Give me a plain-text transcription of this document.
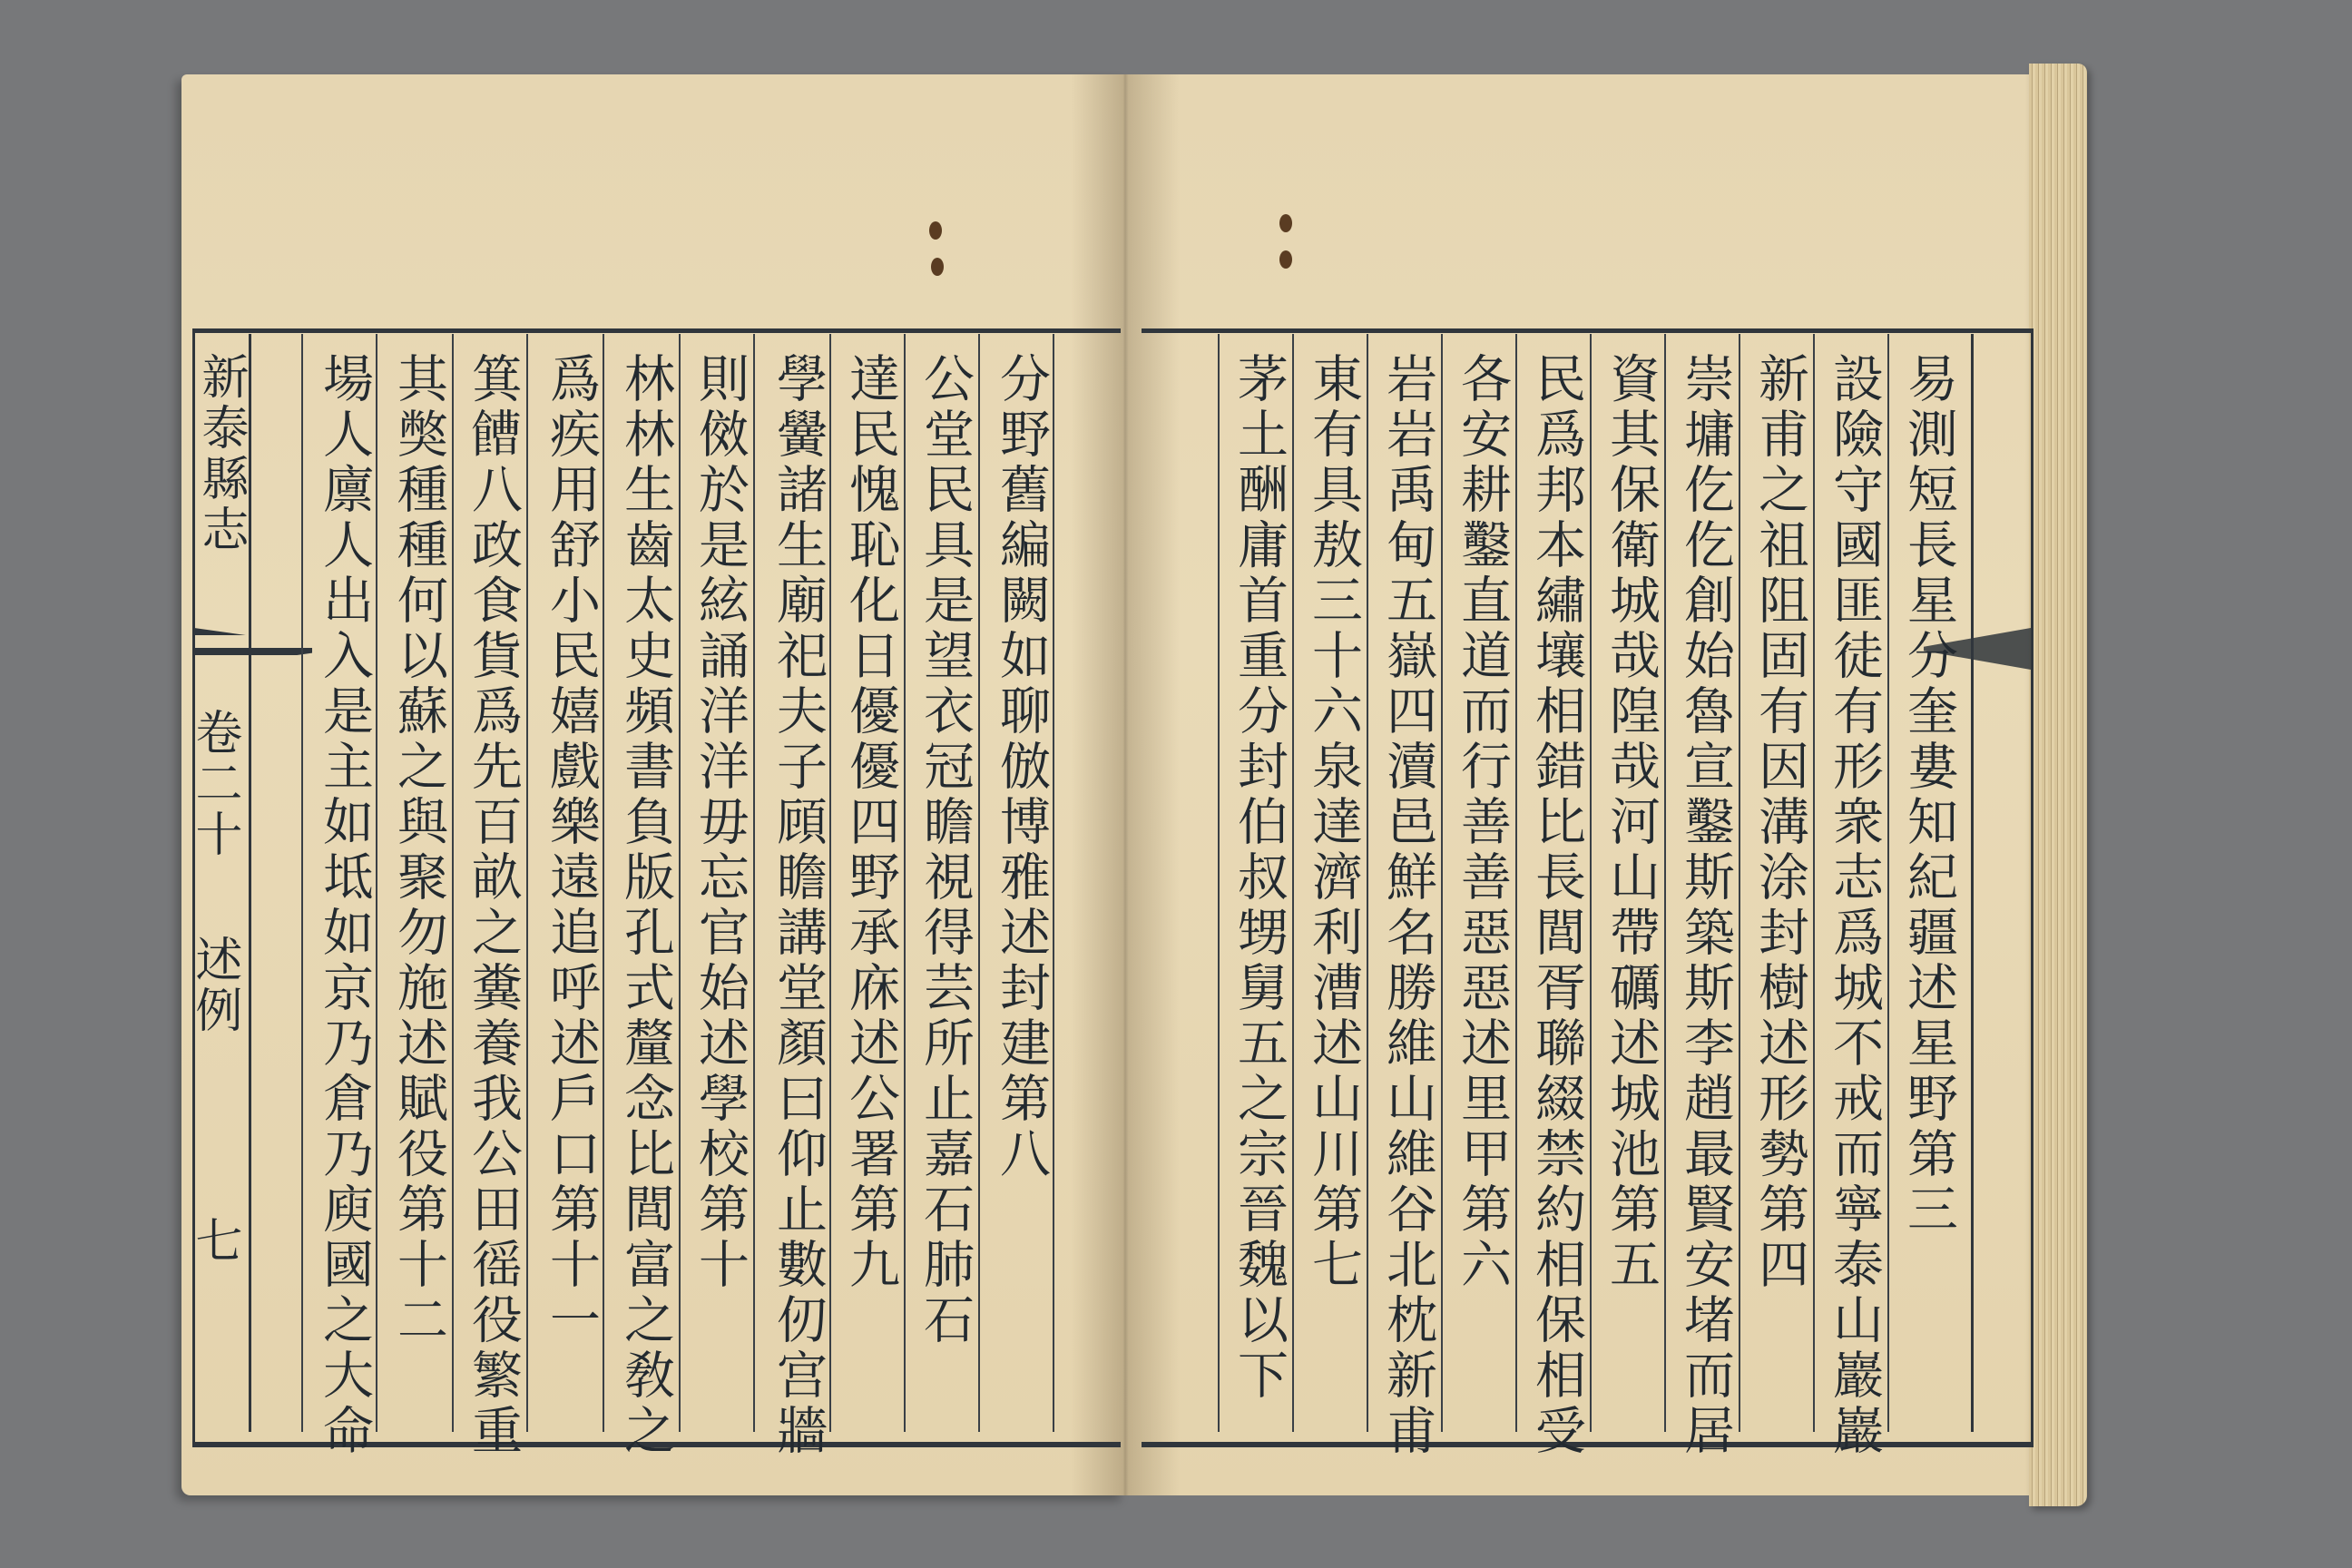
新泰縣志
卷二十
述例
七
分野舊編闕如聊倣博雅述封建第八
公堂民具是望衣冠瞻視得芸所止嘉石肺石
達民愧恥化日優優四野承庥述公署第九
學黌諸生廟祀夫子頋瞻講堂顏曰仰止數仞宫牆
則傚於是絃誦洋洋毋忘官始述學校第十
林林生齒太史頻書負版孔式釐念比閭富之敎之
爲疾用舒小民嬉戲樂遠追呼述戶口第十一
箕𩞄八政食貨爲先百畝之糞養我公田徭役繁重
其獘種種何以蘇之與聚勿施述賦役第十二
場人廪人出入是主如坻如京乃倉乃庾國之大命	易測短長星分奎婁知紀疆述星野第三
設險守國匪徒有形衆志爲城不戒而寧泰山巖巖
新甫之祖阻固有因溝涂封樹述形勢第四
崇墉仡仡創始魯宣鑿斯築斯李趙最賢安堵而居
資其保衛城哉隍哉河山帶礪述城池第五
民爲邦本繡壤相錯比長閭胥聯綴禁約相保相受
各安耕鑿直道而行善善惡惡述里甲第六
岩岩禹甸五嶽四瀆邑鮮名勝維山維谷北枕新甫
東有具敖三十六泉達濟利漕述山川第七
茅土酬庸首重分封伯叔甥舅五之宗晉魏以下
